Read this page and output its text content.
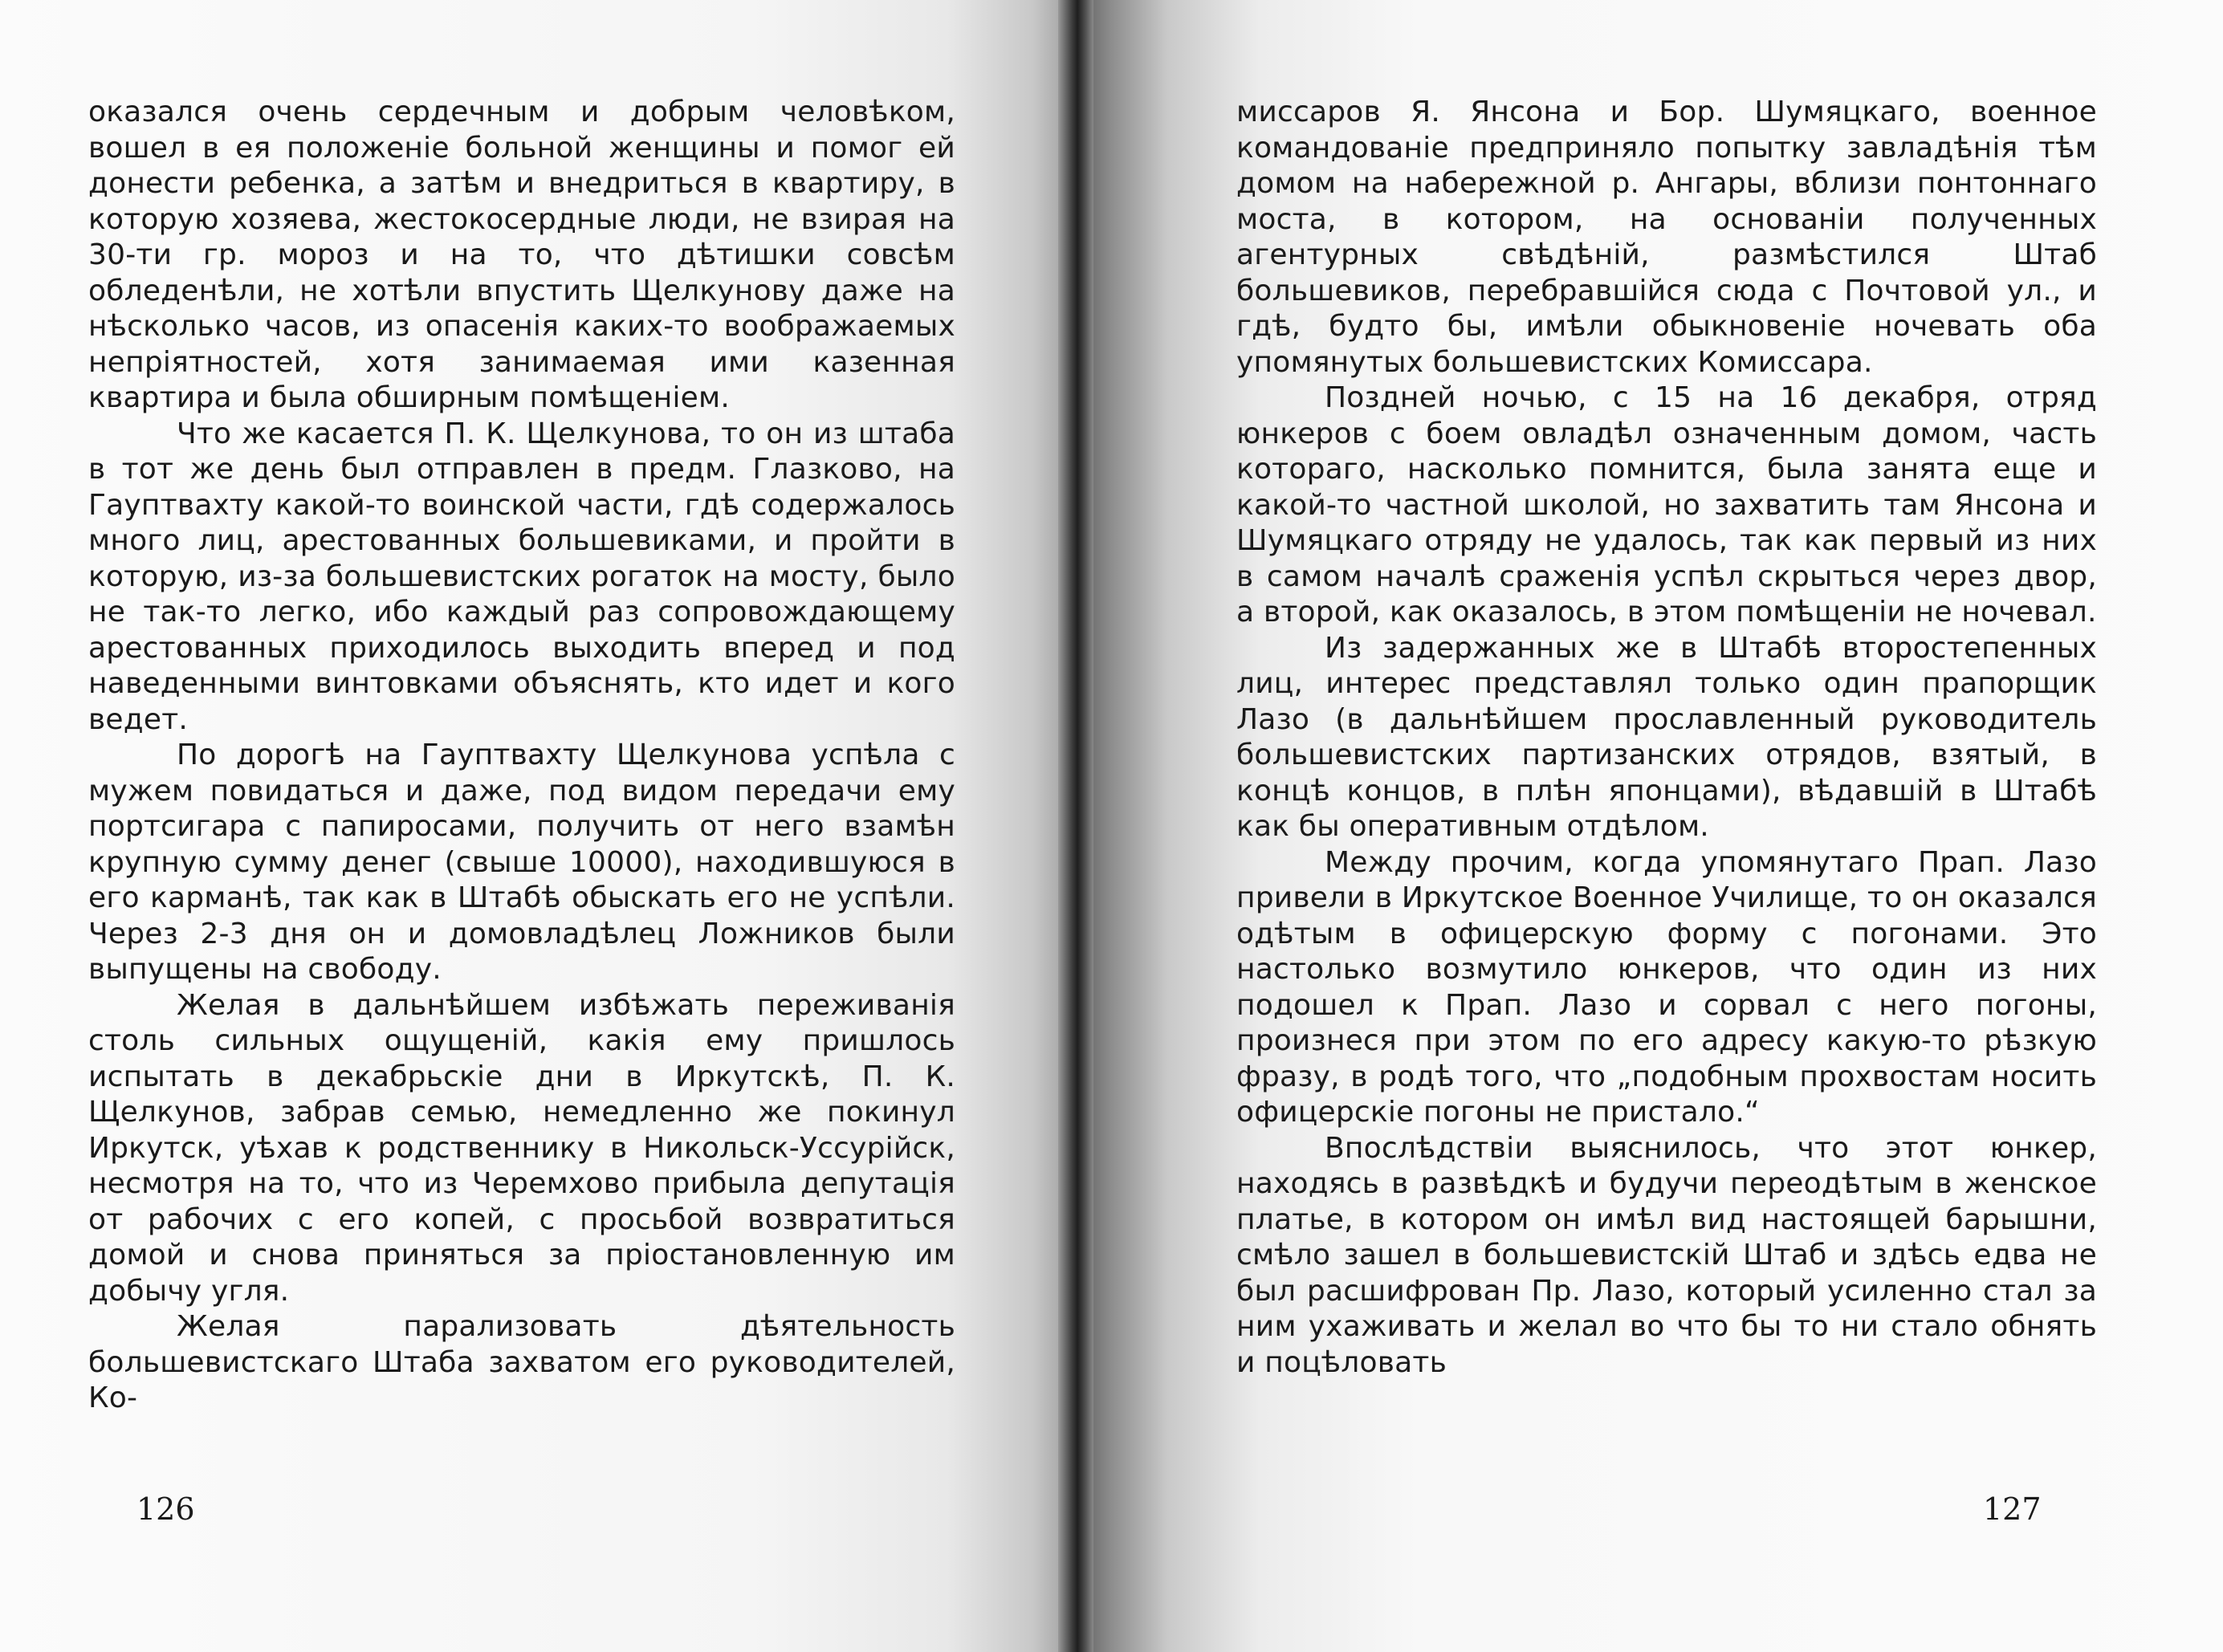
оказался очень сердечным и добрым человѣком, вошел в ея положеніе больной женщины и помог ей донести ребенка, а затѣм и внедриться в квартиру, в которую хозяева, жестокосердные люди, не взирая на 30-ти гр. мороз и на то, что дѣтишки совсѣм обледенѣли, не хотѣли впустить Щелкунову даже на нѣсколько часов, из опасенія каких-то воображаемых непріятностей, хотя занимаемая ими казенная квартира и была обширным помѣщеніем.

Что же касается П. К. Щелкунова, то он из штаба в тот же день был отправлен в предм. Глазково, на Гауптвахту какой-то воинской части, гдѣ содержалось много лиц, арестованных большевиками, и пройти в которую, из-за большевистских рогаток на мосту, было не так-то легко, ибо каждый раз сопровождающему арестованных приходилось выходить вперед и под наведенными винтовками объяснять, кто идет и кого ведет.

По дорогѣ на Гауптвахту Щелкунова успѣла с мужем повидаться и даже, под видом передачи ему портсигара с папиросами, получить от него взамѣн крупную сумму денег (свыше 10000), находившуюся в его карманѣ, так как в Штабѣ обыскать его не успѣли. Через 2-3 дня он и домовладѣлец Ложников были выпущены на свободу.

Желая в дальнѣйшем избѣжать переживанія столь сильных ощущеній, какія ему пришлось испытать в декабрьскіе дни в Иркутскѣ, П. К. Щелкунов, забрав семью, немедленно же покинул Иркутск, уѣхав к родственнику в Никольск-Уссурійск, несмотря на то, что из Черемхово прибыла депутація от рабочих с его копей, с просьбой возвратиться домой и снова приняться за пріостановленную им добычу угля.

Желая парализовать дѣятельность большевистскаго Штаба захватом его руководителей, Ко-

126

миссаров Я. Янсона и Бор. Шумяцкаго, военное командованіе предприняло попытку завладѣнія тѣм домом на набережной р. Ангары, вблизи понтоннаго моста, в котором, на основаніи полученных агентурных свѣдѣній, размѣстился Штаб большевиков, перебравшійся сюда с Почтовой ул., и гдѣ, будто бы, имѣли обыкновеніе ночевать оба упомянутых большевистских Комиссара.

Поздней ночью, с 15 на 16 декабря, отряд юнкеров с боем овладѣл означенным домом, часть котораго, насколько помнится, была занята еще и какой-то частной школой, но захватить там Янсона и Шумяцкаго отряду не удалось, так как первый из них в самом началѣ сраженія успѣл скрыться через двор, а второй, как оказалось, в этом помѣщеніи не ночевал.

Из задержанных же в Штабѣ второстепенных лиц, интерес представлял только один прапорщик Лазо (в дальнѣйшем прославленный руководитель большевистских партизанских отрядов, взятый, в концѣ концов, в плѣн японцами), вѣдавшій в Штабѣ как бы оперативным отдѣлом.

Между прочим, когда упомянутаго Прап. Лазо привели в Иркутское Военное Училище, то он оказался одѣтым в офицерскую форму с погонами. Это настолько возмутило юнкеров, что один из них подошел к Прап. Лазо и сорвал с него погоны, произнеся при этом по его адресу какую-то рѣзкую фразу, в родѣ того, что „подобным прохвостам носить офицерскіе погоны не пристало.“

Впослѣдствіи выяснилось, что этот юнкер, находясь в развѣдкѣ и будучи переодѣтым в женское платье, в котором он имѣл вид настоящей барышни, смѣло зашел в большевистскій Штаб и здѣсь едва не был расшифрован Пр. Лазо, который усиленно стал за ним ухаживать и желал во что бы то ни стало обнять и поцѣловать

127
